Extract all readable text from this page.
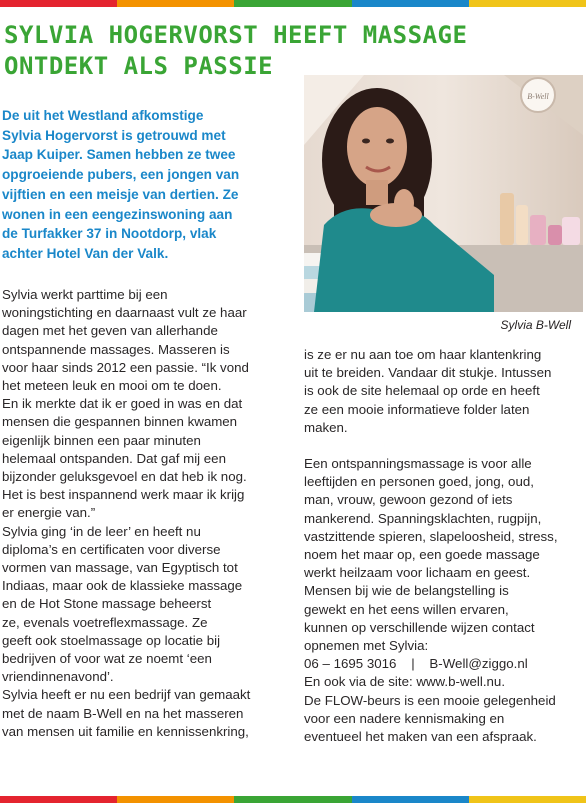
SYLVIA HOGERVORST HEEFT MASSAGE
ONTDEKT ALS PASSIE
De uit het Westland afkomstige
Sylvia Hogervorst is getrouwd met
Jaap Kuiper. Samen hebben ze twee
opgroeiende pubers, een jongen van
vijftien en een meisje van dertien. Ze
wonen in een eengezinswoning aan
de Turfakker 37 in Nootdorp, vlak
achter Hotel Van der Valk.
B-Well
Sylvia B-Well
Sylvia werkt parttime bij een
woningstichting en daarnaast vult ze haar
dagen met het geven van allerhande
ontspannende massages. Masseren is
voor haar sinds 2012 een passie. “Ik vond
het meteen leuk en mooi om te doen.
En ik merkte dat ik er goed in was en dat
mensen die gespannen binnen kwamen
eigenlijk binnen een paar minuten
helemaal ontspanden. Dat gaf mij een
bijzonder geluksgevoel en dat heb ik nog.
Het is best inspannend werk maar ik krijg
er energie van.”
Sylvia ging ‘in de leer’ en heeft nu
diploma’s en certificaten voor diverse
vormen van massage, van Egyptisch tot
Indiaas, maar ook de klassieke massage
en de Hot Stone massage beheerst
ze, evenals voetreflexmassage. Ze
geeft ook stoelmassage op locatie bij
bedrijven of voor wat ze noemt ‘een
vriendinnenavond’.
Sylvia heeft er nu een bedrijf van gemaakt
met de naam B-Well en na het masseren
van mensen uit familie en kennissenkring,
is ze er nu aan toe om haar klantenkring
uit te breiden. Vandaar dit stukje. Intussen
is ook de site helemaal op orde en heeft
ze een mooie informatieve folder laten
maken.
Een ontspanningsmassage is voor alle
leeftijden en personen goed, jong, oud,
man, vrouw, gewoon gezond of iets
mankerend. Spanningsklachten, rugpijn,
vastzittende spieren, slapeloosheid, stress,
noem het maar op, een goede massage
werkt heilzaam voor lichaam en geest.
Mensen bij wie de belangstelling is
gewekt en het eens willen ervaren,
kunnen op verschillende wijzen contact
opnemen met Sylvia:
06 – 1695 3016    |    B-Well@ziggo.nl
En ook via de site: www.b-well.nu.
De FLOW-beurs is een mooie gelegenheid
voor een nadere kennismaking en
eventueel het maken van een afspraak.
